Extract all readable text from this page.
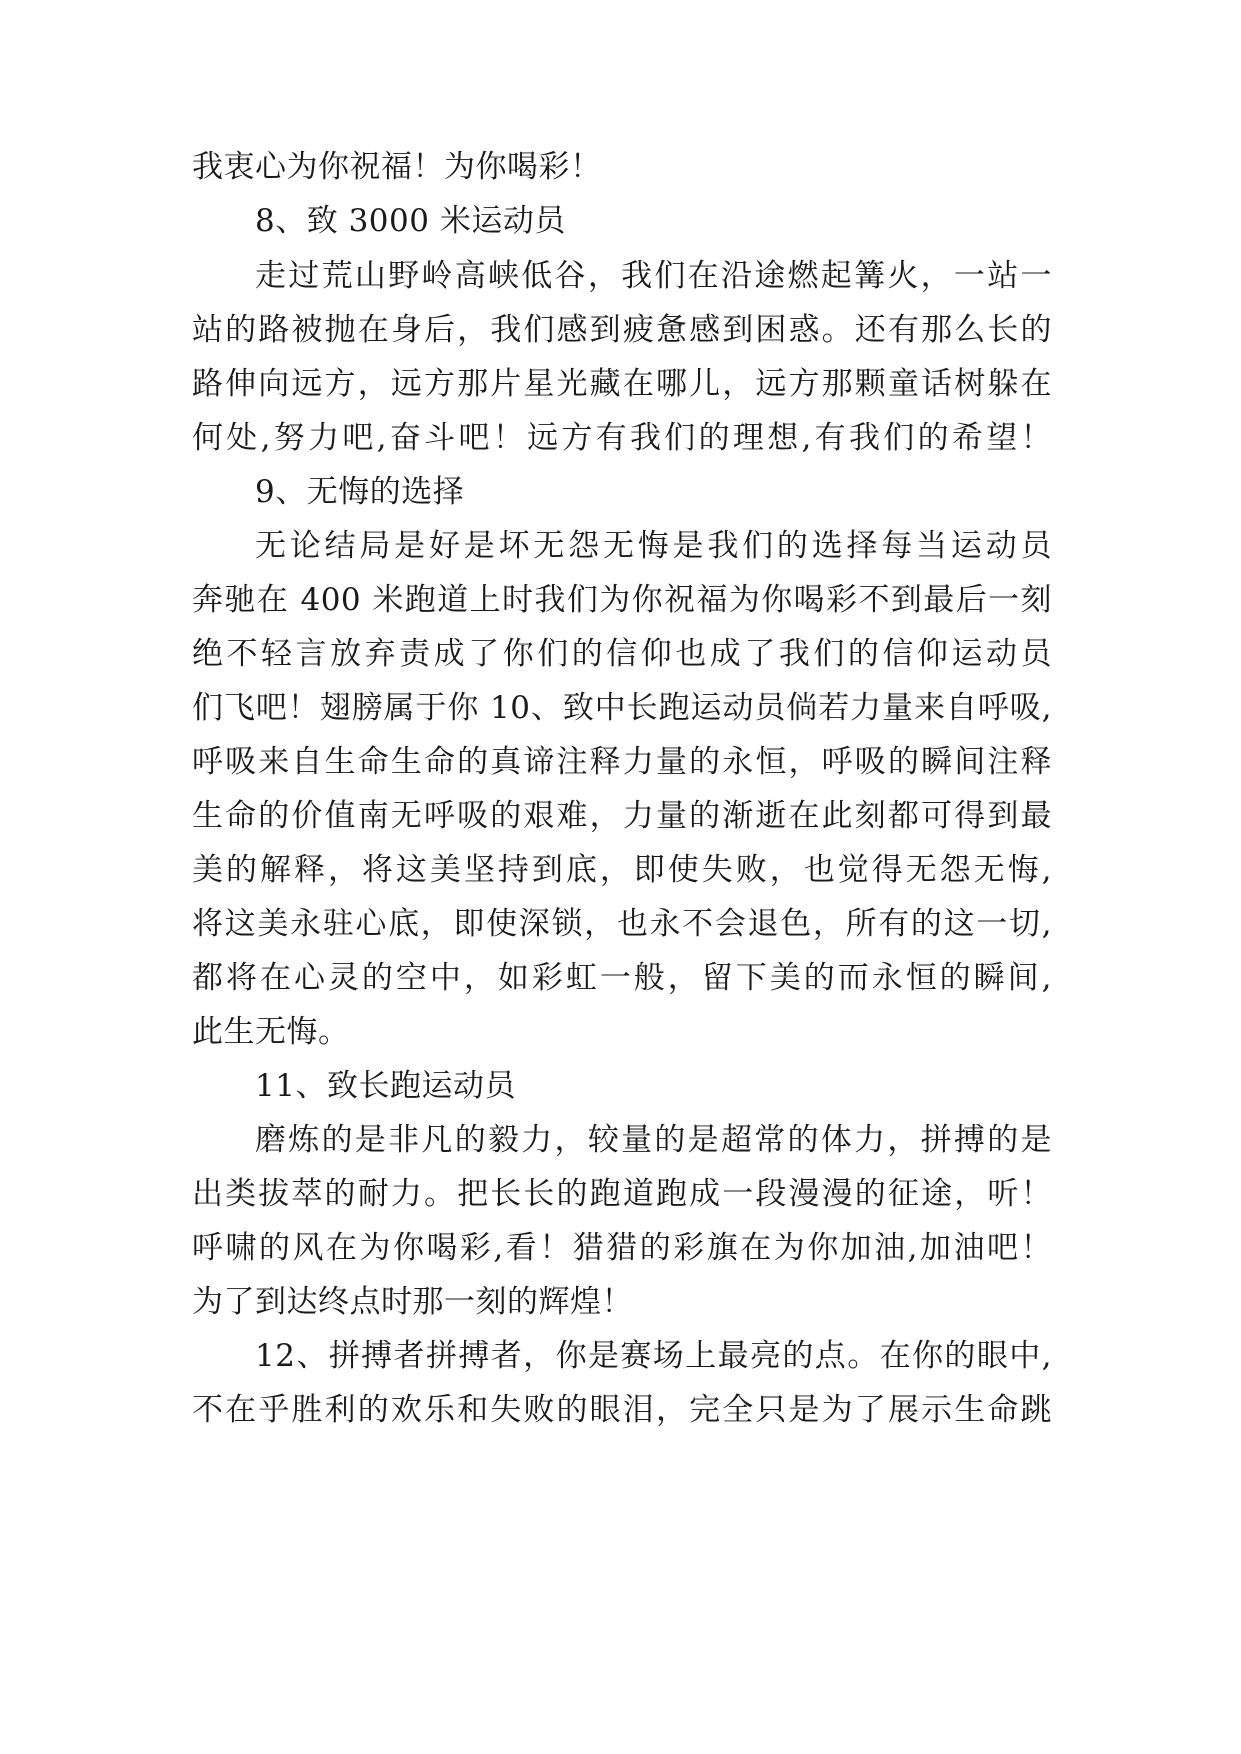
我衷心为你祝福！为你喝彩！
8、致 3000 米运动员
走过荒山野岭高峡低谷，我们在沿途燃起篝火，一站一
站的路被抛在身后，我们感到疲惫感到困惑。还有那么长的
路伸向远方，远方那片星光藏在哪儿，远方那颗童话树躲在
何处,努力吧,奋斗吧！远方有我们的理想,有我们的希望！
9、无悔的选择
无论结局是好是坏无怨无悔是我们的选择每当运动员
奔驰在 400 米跑道上时我们为你祝福为你喝彩不到最后一刻
绝不轻言放弃责成了你们的信仰也成了我们的信仰运动员
们飞吧！翅膀属于你 10、致中长跑运动员倘若力量来自呼吸,
呼吸来自生命生命的真谛注释力量的永恒，呼吸的瞬间注释
生命的价值南无呼吸的艰难，力量的渐逝在此刻都可得到最
美的解释，将这美坚持到底，即使失败，也觉得无怨无悔,
将这美永驻心底，即使深锁，也永不会退色，所有的这一切,
都将在心灵的空中，如彩虹一般，留下美的而永恒的瞬间,
此生无悔。
11、致长跑运动员
磨炼的是非凡的毅力，较量的是超常的体力，拼搏的是
出类拔萃的耐力。把长长的跑道跑成一段漫漫的征途，听！
呼啸的风在为你喝彩,看！猎猎的彩旗在为你加油,加油吧！
为了到达终点时那一刻的辉煌！
12、拼搏者拼搏者，你是赛场上最亮的点。在你的眼中,
不在乎胜利的欢乐和失败的眼泪，完全只是为了展示生命跳
